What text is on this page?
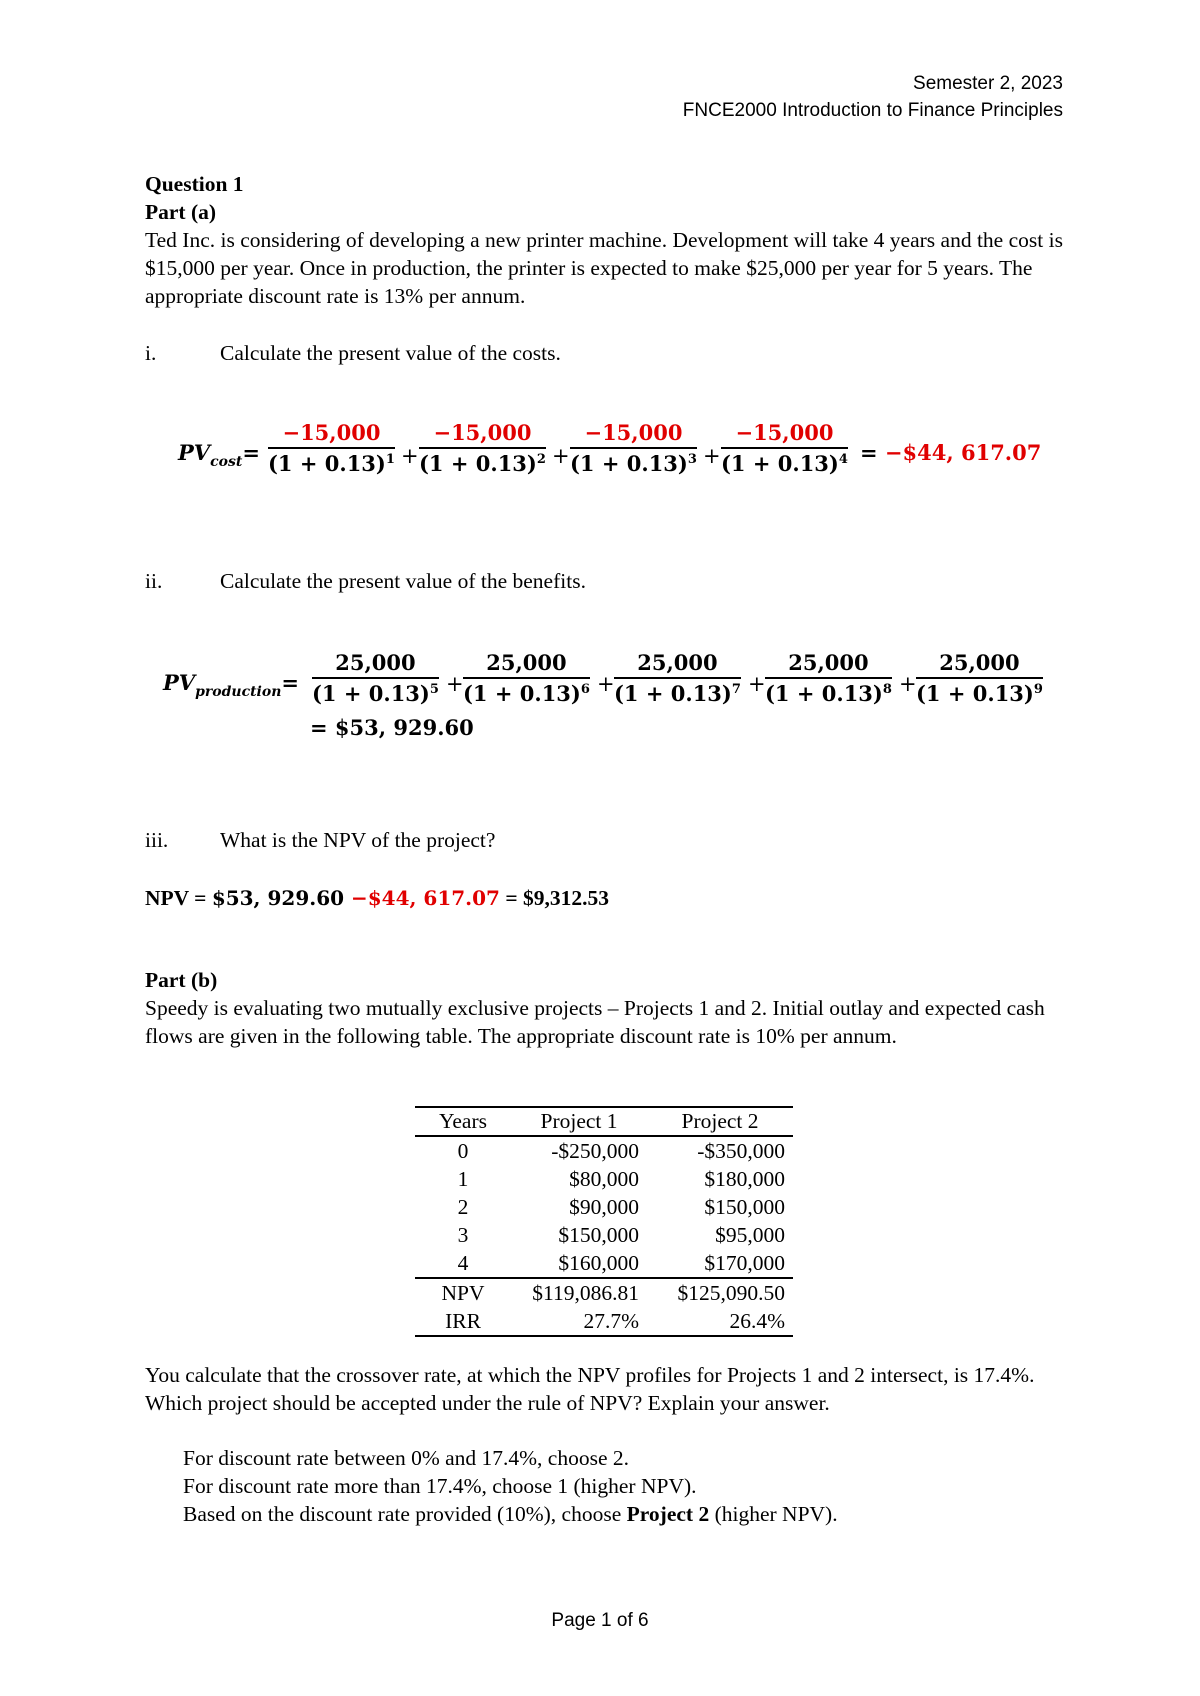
Semester 2, 2023
FNCE2000 Introduction to Finance Principles
Question 1
Part (a)
Ted Inc. is considering of developing a new printer machine. Development will take 4 years and the cost is $15,000 per year. Once in production, the printer is expected to make $25,000 per year for 5 years. The appropriate discount rate is 13% per annum.
i.	Calculate the present value of the costs.
$PV_{cost}= \frac{-15,000}{(1 + 0.13)^1} + \frac{-15,000}{(1 + 0.13)^2} + \frac{-15,000}{(1 + 0.13)^3} + \frac{-15,000}{(1 + 0.13)^4}$ = −$44, 617.07
ii.	Calculate the present value of the benefits.
$PV_{production}= \frac{25,000}{(1 + 0.13)^5} + \frac{25,000}{(1 + 0.13)^6} + \frac{25,000}{(1 + 0.13)^7} + \frac{25,000}{(1 + 0.13)^8} + \frac{25,000}{(1 + 0.13)^9}$
= $53, 929.60
iii. What is the NPV of the project?
NPV = $53, 929.60 −$44, 617.07 = $9,312.53
Part (b)
Speedy is evaluating two mutually exclusive projects – Projects 1 and 2. Initial outlay and expected cash flows are given in the following table. The appropriate discount rate is 10% per annum.
Years	Project 1	Project 2
0	-$250,000	-$350,000
1	$80,000	$180,000
2	$90,000	$150,000
3	$150,000	$95,000
4	$160,000	$170,000
NPV	$119,086.81	$125,090.50
IRR	27.7%	26.4%
You calculate that the crossover rate, at which the NPV profiles for Projects 1 and 2 intersect, is 17.4%. Which project should be accepted under the rule of NPV? Explain your answer.
For discount rate between 0% and 17.4%, choose 2.
For discount rate more than 17.4%, choose 1 (higher NPV).
Based on the discount rate provided (10%), choose Project 2 (higher NPV).
Page 1 of 6
